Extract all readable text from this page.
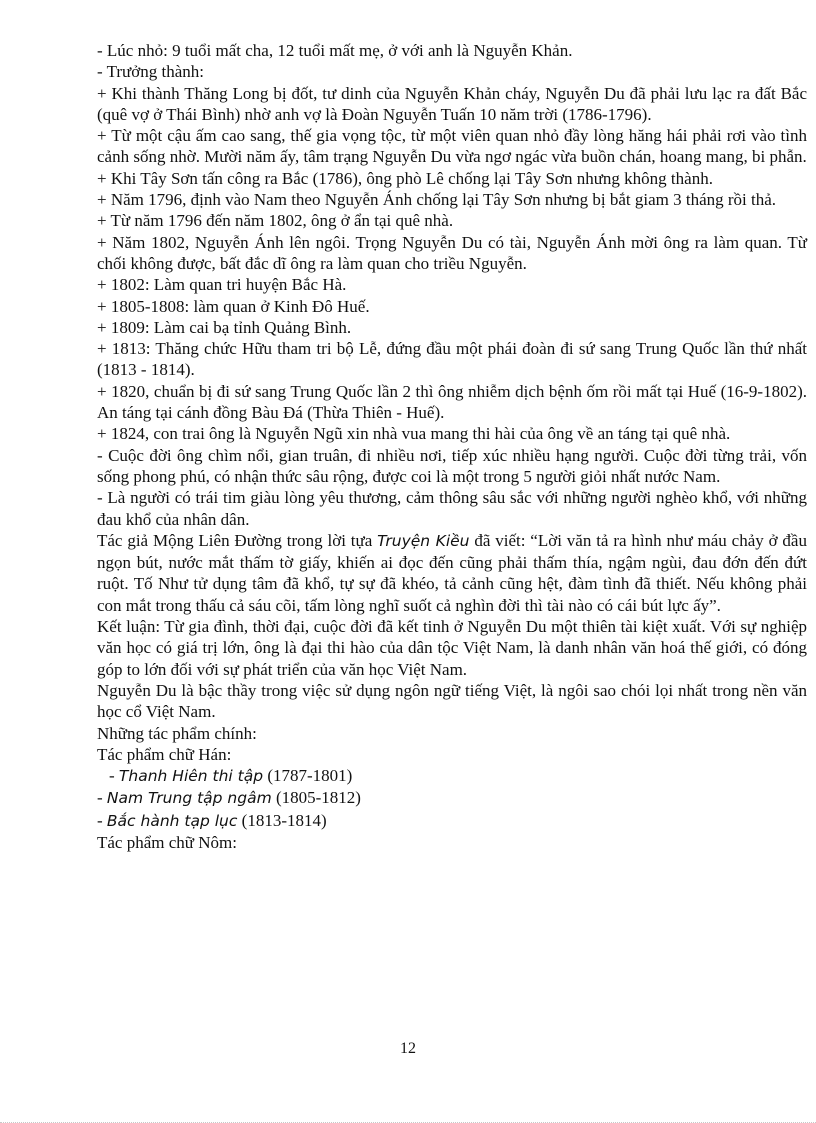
- Lúc nhỏ: 9 tuổi mất cha, 12 tuổi mất mẹ, ở với anh là Nguyễn Khản.

- Trưởng thành:

+ Khi thành Thăng Long bị đốt, tư dinh của Nguyễn Khản cháy, Nguyễn Du đã phải lưu lạc ra đất Bắc (quê vợ ở Thái Bình) nhờ anh vợ là Đoàn Nguyễn Tuấn 10 năm trời (1786-1796).

+ Từ một cậu ấm cao sang, thế gia vọng tộc, từ một viên quan nhỏ đầy lòng hăng hái phải rơi vào tình cảnh sống nhờ. Mười năm ấy, tâm trạng Nguyễn Du vừa ngơ ngác vừa buồn chán, hoang mang, bi phẫn.

+ Khi Tây Sơn tấn công ra Bắc (1786), ông phò Lê chống lại Tây Sơn nhưng không thành.

+ Năm 1796, định vào Nam theo Nguyễn Ánh chống lại Tây Sơn nhưng bị bắt giam 3 tháng rồi thả.

+ Từ năm 1796 đến năm 1802, ông ở ẩn tại quê nhà.

+ Năm 1802, Nguyễn Ánh lên ngôi. Trọng Nguyễn Du có tài, Nguyễn Ánh mời ông ra làm quan. Từ chối không được, bất đắc dĩ ông ra làm quan cho triều Nguyễn.

+ 1802: Làm quan tri huyện Bắc Hà.

+ 1805-1808: làm quan ở Kinh Đô Huế.

+ 1809: Làm cai bạ tỉnh Quảng Bình.

+ 1813: Thăng chức Hữu tham tri bộ Lễ, đứng đầu một phái đoàn đi sứ sang Trung Quốc lần thứ nhất (1813 - 1814).

+ 1820, chuẩn bị đi sứ sang Trung Quốc lần 2 thì ông nhiễm dịch bệnh ốm rồi mất tại Huế (16-9-1802). An táng tại cánh đồng Bàu Đá (Thừa Thiên - Huế).

+ 1824, con trai ông là Nguyễn Ngũ xin nhà vua mang thi hài của ông về an táng tại quê nhà.

- Cuộc đời ông chìm nổi, gian truân, đi nhiều nơi, tiếp xúc nhiều hạng người. Cuộc đời từng trải, vốn sống phong phú, có nhận thức sâu rộng, được coi là một trong 5 người giỏi nhất nước Nam.

- Là người có trái tim giàu lòng yêu thương, cảm thông sâu sắc với những người nghèo khổ, với những đau khổ của nhân dân.

Tác giả Mộng Liên Đường trong lời tựa Truyện Kiều đã viết: “Lời văn tả ra hình như máu chảy ở đầu ngọn bút, nước mắt thấm tờ giấy, khiến ai đọc đến cũng phải thấm thía, ngậm ngùi, đau đớn đến đứt ruột. Tố Như tử dụng tâm đã khổ, tự sự đã khéo, tả cảnh cũng hệt, đàm tình đã thiết. Nếu không phải con mắt trong thấu cả sáu cõi, tấm lòng nghĩ suốt cả nghìn đời thì tài nào có cái bút lực ấy”.

Kết luận: Từ gia đình, thời đại, cuộc đời đã kết tinh ở Nguyễn Du một thiên tài kiệt xuất. Với sự nghiệp văn học có giá trị lớn, ông là đại thi hào của dân tộc Việt Nam, là danh nhân văn hoá thế giới, có đóng góp to lớn đối với sự phát triển của văn học Việt Nam.

Nguyễn Du là bậc thầy trong việc sử dụng ngôn ngữ tiếng Việt, là ngôi sao chói lọi nhất trong nền văn học cổ Việt Nam.

Những tác phẩm chính:

Tác phẩm chữ Hán:

- Thanh Hiên thi tập (1787-1801)

- Nam Trung tập ngâm (1805-1812)

- Bắc hành tạp lục (1813-1814)

Tác phẩm chữ Nôm:

12
